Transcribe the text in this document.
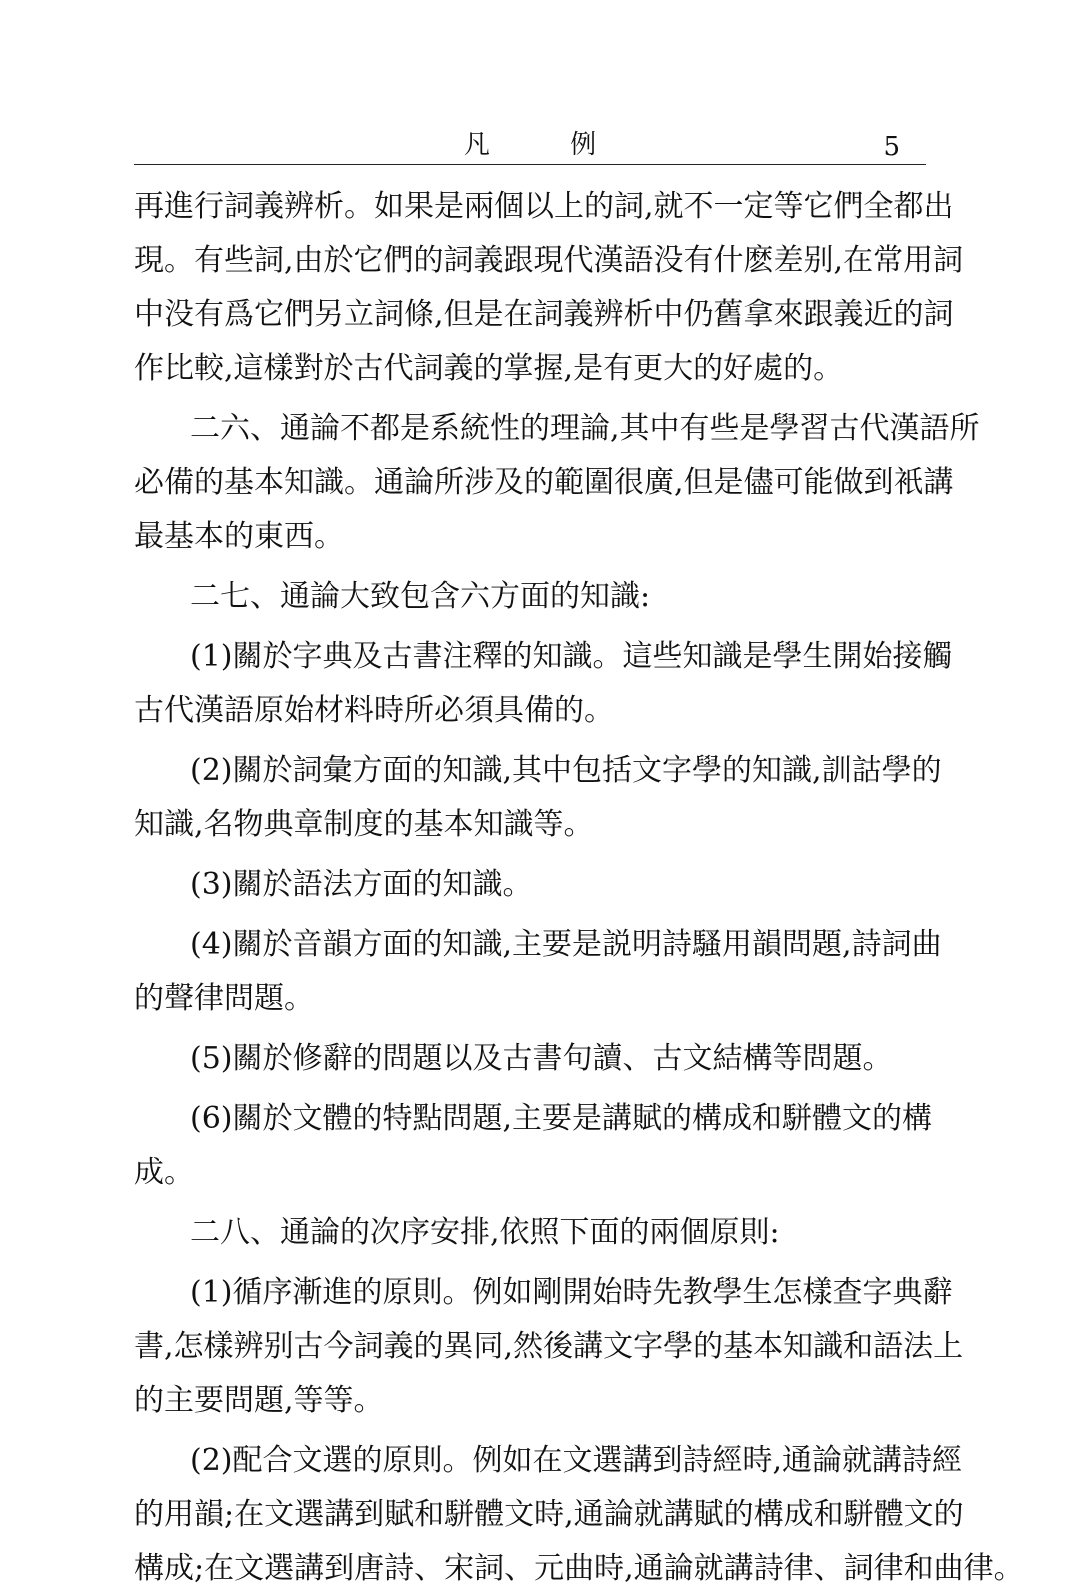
凡 例	5
再進行詞義辨析。如果是兩個以上的詞,就不一定等它們全都出
現。有些詞,由於它們的詞義跟現代漢語没有什麽差别,在常用詞
中没有爲它們另立詞條,但是在詞義辨析中仍舊拿來跟義近的詞
作比較,這樣對於古代詞義的掌握,是有更大的好處的。
二六、通論不都是系統性的理論,其中有些是學習古代漢語所
必備的基本知識。通論所涉及的範圍很廣,但是儘可能做到衹講
最基本的東西。
二七、通論大致包含六方面的知識:
(1)關於字典及古書注釋的知識。這些知識是學生開始接觸
古代漢語原始材料時所必須具備的。
(2)關於詞彙方面的知識,其中包括文字學的知識,訓詁學的
知識,名物典章制度的基本知識等。
(3)關於語法方面的知識。
(4)關於音韻方面的知識,主要是説明詩騷用韻問題,詩詞曲
的聲律問題。
(5)關於修辭的問題以及古書句讀、古文結構等問題。
(6)關於文體的特點問題,主要是講賦的構成和駢體文的構
成。
二八、通論的次序安排,依照下面的兩個原則:
(1)循序漸進的原則。例如剛開始時先教學生怎樣查字典辭
書,怎樣辨别古今詞義的異同,然後講文字學的基本知識和語法上
的主要問題,等等。
(2)配合文選的原則。例如在文選講到詩經時,通論就講詩經
的用韻;在文選講到賦和駢體文時,通論就講賦的構成和駢體文的
構成;在文選講到唐詩、宋詞、元曲時,通論就講詩律、詞律和曲律。
